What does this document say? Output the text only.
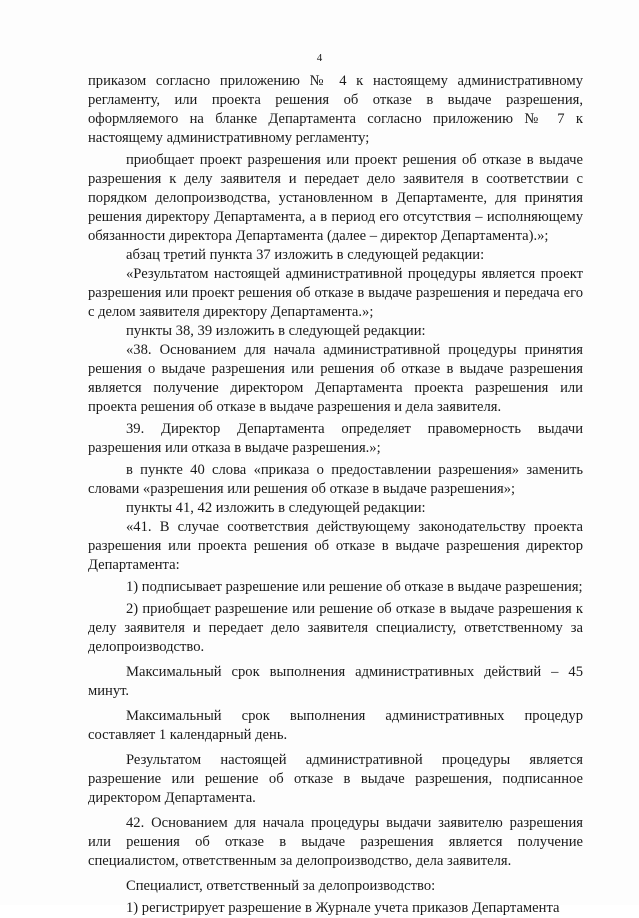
4

приказом согласно приложению № 4 к настоящему административному регламенту, или проекта решения об отказе в выдаче разрешения, оформляемого на бланке Департамента согласно приложению № 7 к настоящему административному регламенту;

приобщает проект разрешения или проект решения об отказе в выдаче разрешения к делу заявителя и передает дело заявителя в соответствии с порядком делопроизводства, установленном в Департаменте, для принятия решения директору Департамента, а в период его отсутствия – исполняющему обязанности директора Департамента (далее – директор Департамента).»;

абзац третий пункта 37 изложить в следующей редакции:

«Результатом настоящей административной процедуры является проект разрешения или проект решения об отказе в выдаче разрешения и передача его с делом заявителя директору Департамента.»;

пункты 38, 39 изложить в следующей редакции:

«38. Основанием для начала административной процедуры принятия решения о выдаче разрешения или решения об отказе в выдаче разрешения является получение директором Департамента проекта разрешения или проекта решения об отказе в выдаче разрешения и дела заявителя.

39. Директор Департамента определяет правомерность выдачи разрешения или отказа в выдаче разрешения.»;

в пункте 40 слова «приказа о предоставлении разрешения» заменить словами «разрешения или решения об отказе в выдаче разрешения»;

пункты 41, 42 изложить в следующей редакции:

«41. В случае соответствия действующему законодательству проекта разрешения или проекта решения об отказе в выдаче разрешения директор Департамента:

1) подписывает разрешение или решение об отказе в выдаче разрешения;

2) приобщает разрешение или решение об отказе в выдаче разрешения к делу заявителя и передает дело заявителя специалисту, ответственному за делопроизводство.

Максимальный срок выполнения административных действий – 45 минут.

Максимальный срок выполнения административных процедур составляет 1 календарный день.

Результатом настоящей административной процедуры является разрешение или решение об отказе в выдаче разрешения, подписанное директором Департамента.

42. Основанием для начала процедуры выдачи заявителю разрешения или решения об отказе в выдаче разрешения является получение специалистом, ответственным за делопроизводство, дела заявителя.

Специалист, ответственный за делопроизводство:

1) регистрирует разрешение в Журнале учета приказов Департамента
